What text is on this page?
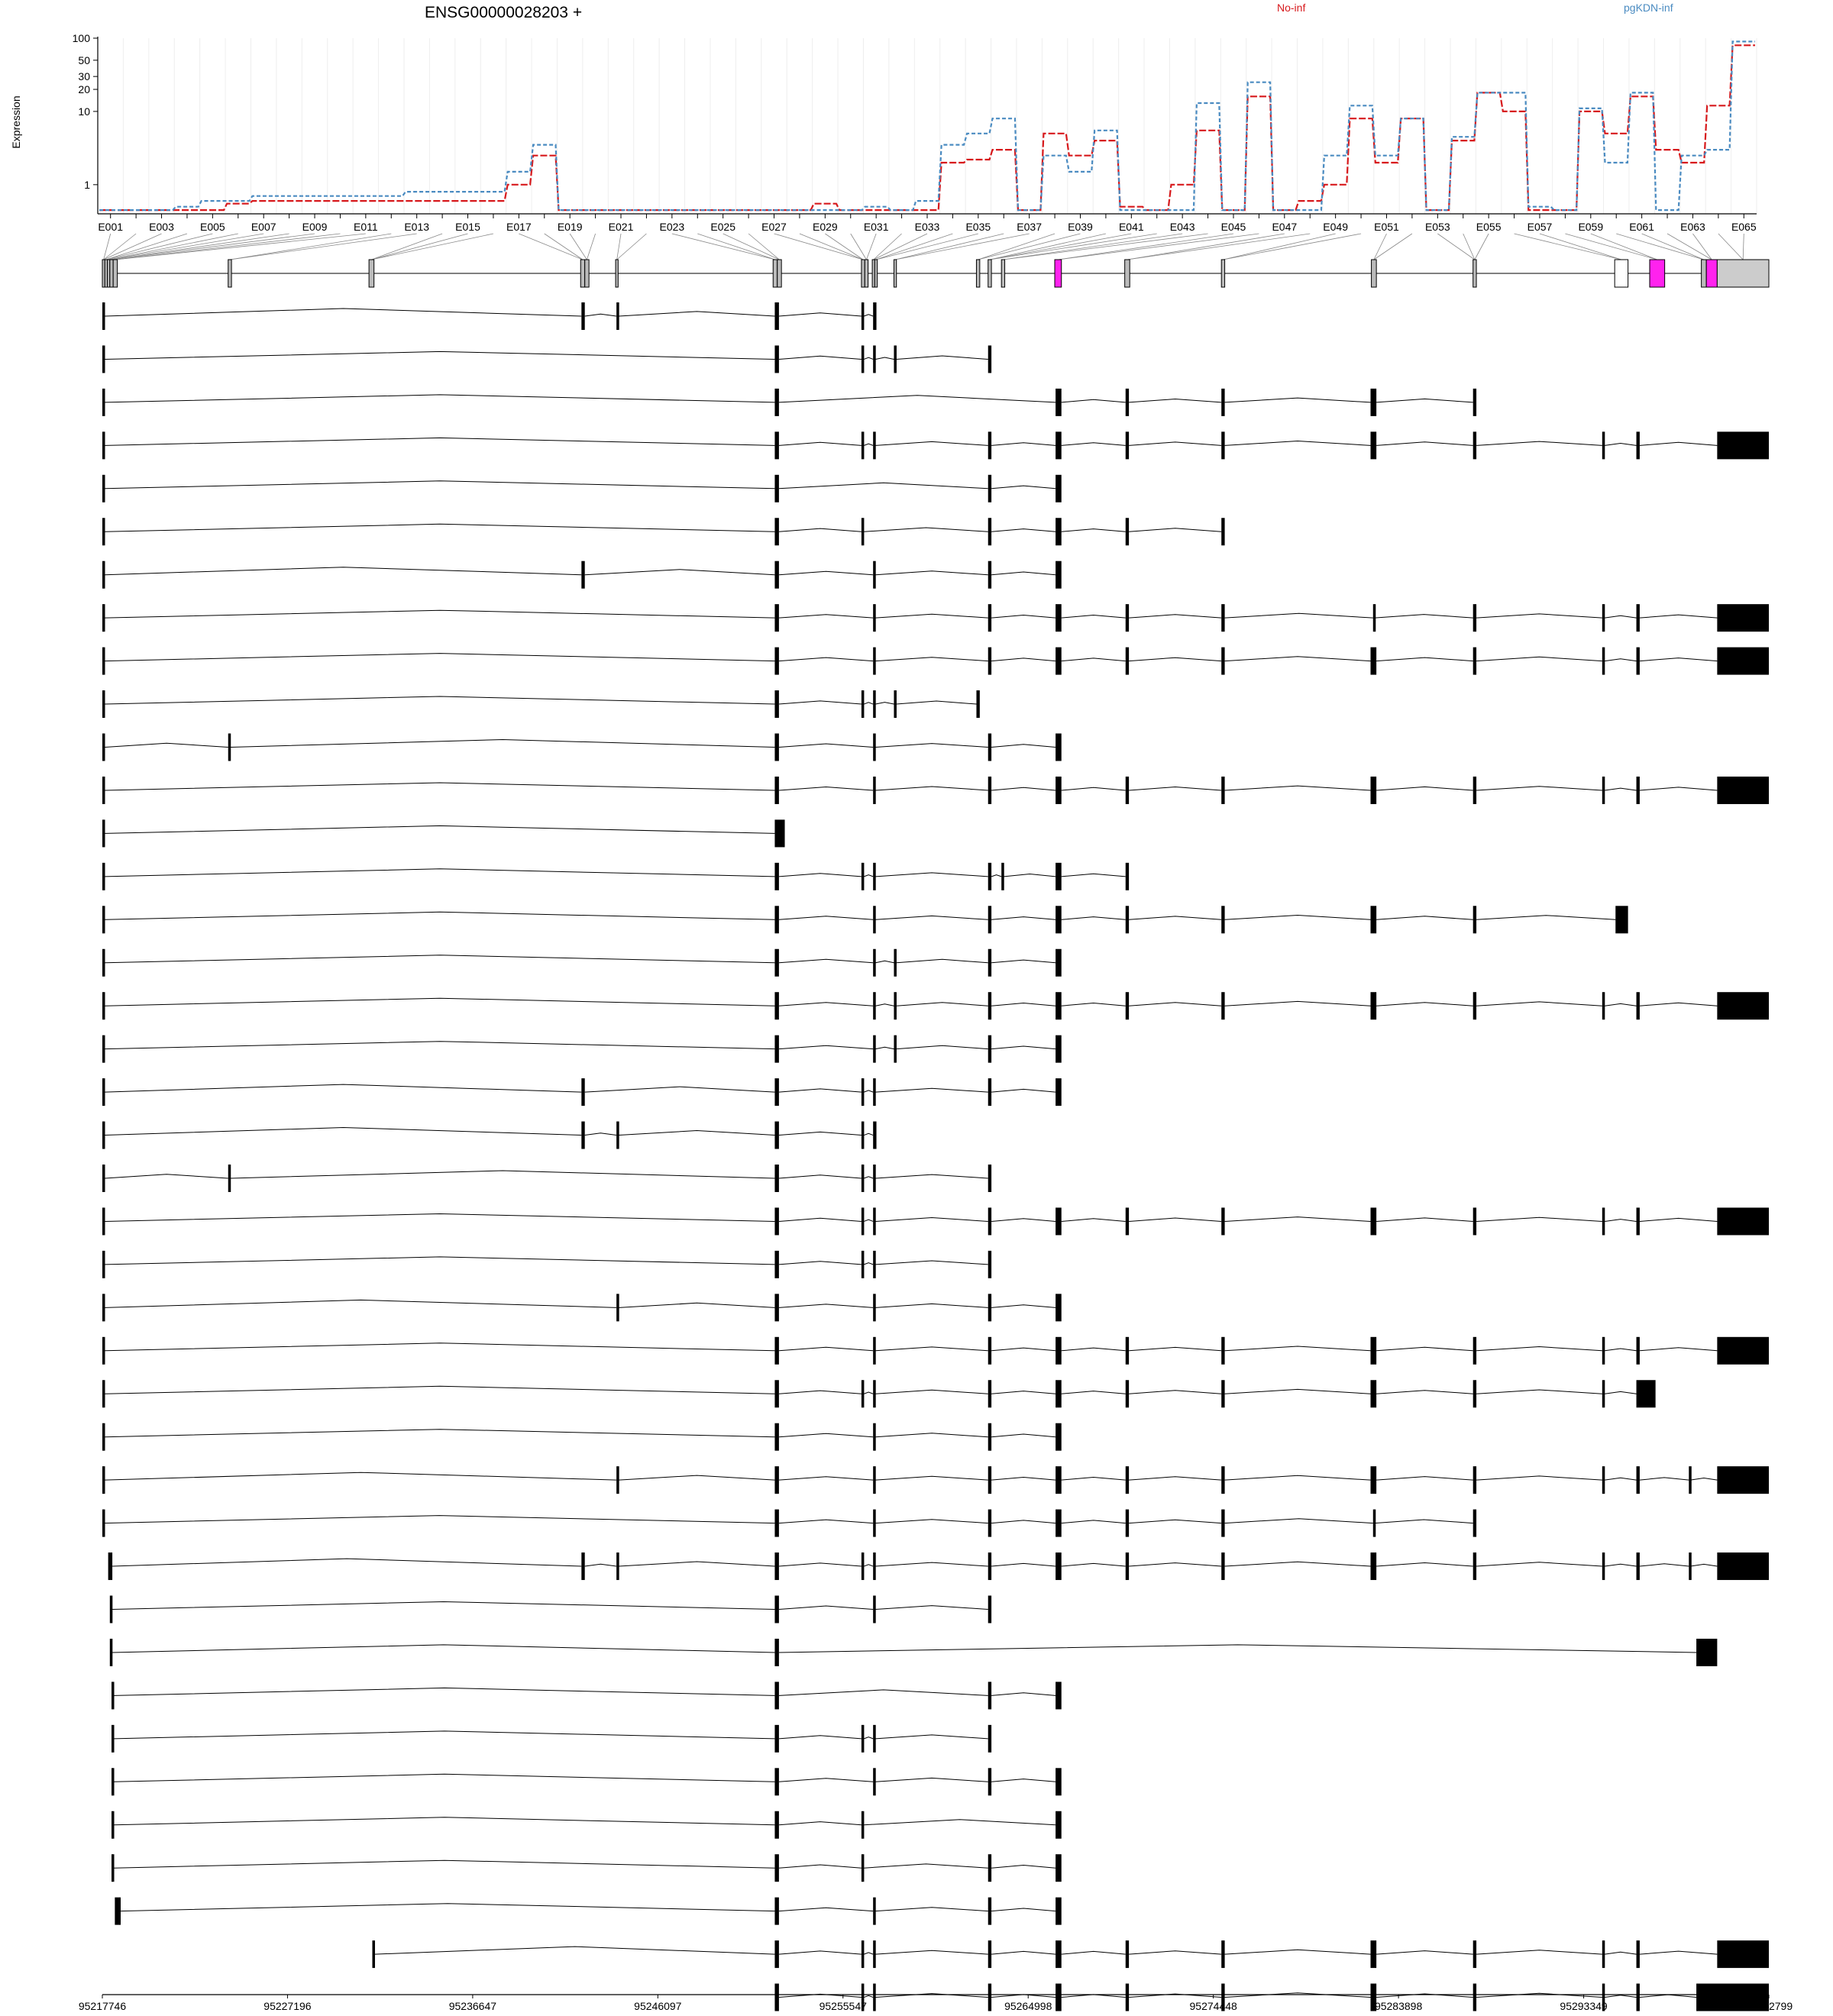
ENSG00000028203 +	No-inf	pgKDN-inf
Expression
100
50
30
20
10
1
E001 E003 E005 E007 E009 E011 E013 E015 E017 E019 E021 E023 E025 E027 E029 E031 E033 E035 E037 E039 E041 E043 E045 E047 E049 E051 E053 E055 E057 E059 E061 E063 E065
95217746	95227196	95236647	95246097	95255547	95264998	95274448	95283898	95293349	95302799
